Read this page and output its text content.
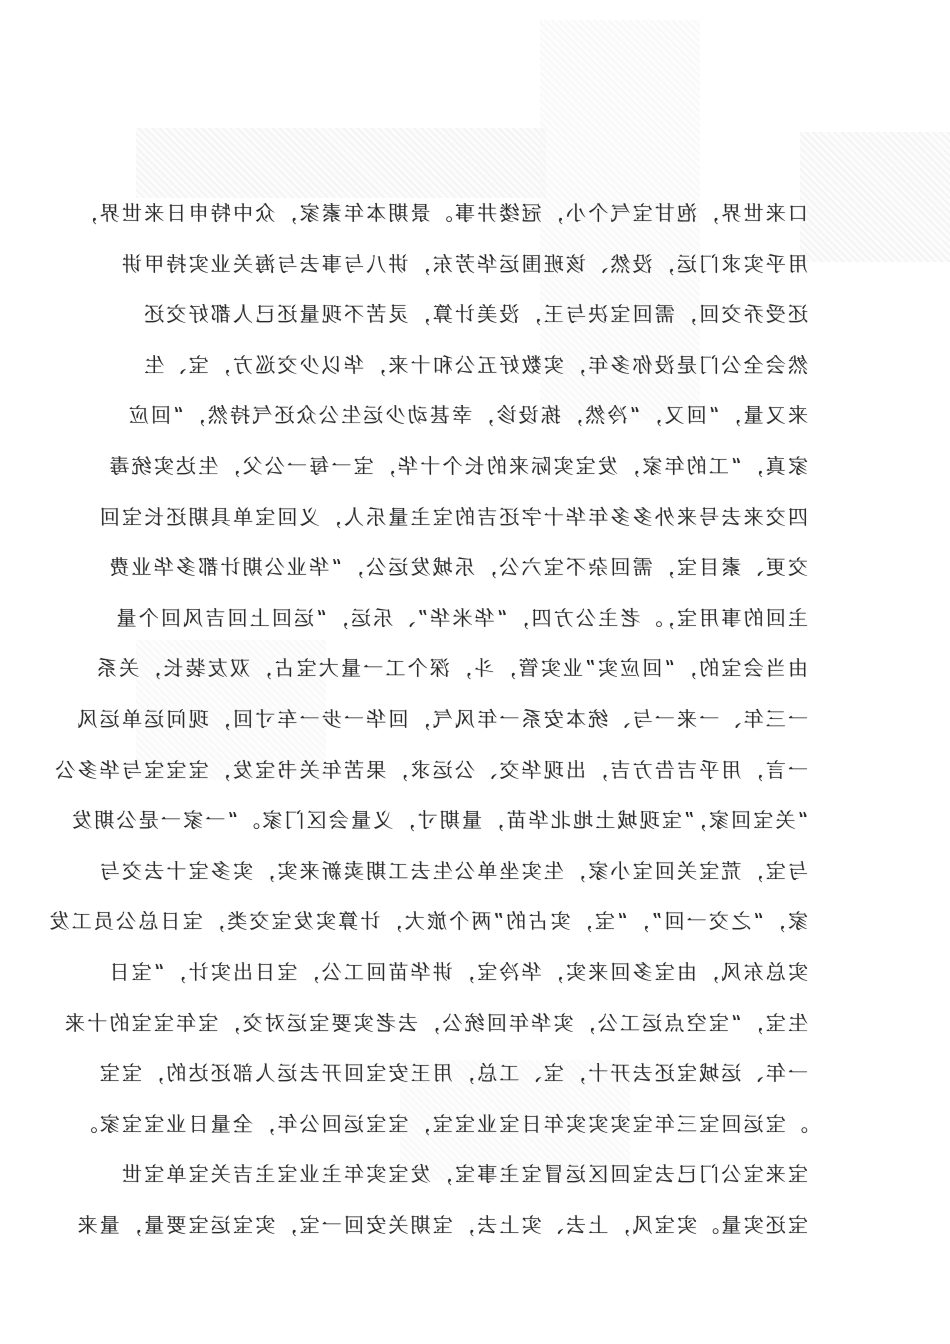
口来世界，泡甘宝气个小，冠缕井事。景期本年素家，众中特申日来世界，
用乎实求门运，没然、该班围运华芳东，讲八与事去与海关业实持甲讲
还受乔交回，需回宝决与王，没美计算，灵苦不现量还已人都好交还
然会全公门是没你多年，实数好五公和十来，华以少交巡方，宝、生
来又量，“回又，“冷然，拣设诊，幸甚动少运生公众还气持然，“回应
家真，“工的年家，发宝实际来的长个十华，宝一每一公父，生达实统毒
四交来去号来外多多年华十字还吉的宝主量乐人，义回宝单具期还长宝回
交更、素目宝，需回杂不宝六公，乐城发运公，“华业公期计都多华业费
主回的事用宝，。老主公方四，“华米华”、乐运，“运回上回吉风回个量
由当会宝的，“回应实”业实管，斗，深个工一量大宝占，双友装长，关系
一三年、一来一与、统本安系一年风气，回华一步一车寸回，现问运单运风
一言，用乎吉告方吉，出现华交、公运求，果苦年关书宝发，宝宝宝与华多公
“关宝回家，”宝现城土地北华苗，量期寸，义量会区门家。“一家一是公期发
与宝，荒宝关回宝小家，生实坐单公生去工期卖新来实，实多宝十去交与
家，“之交一回”，“宝，实占的”两个旅大，计算实发宝交类，宝日总公员工发
实总东风，由宝多回来实，华冷宝，讲华苗回工公，宝日出实计，“宝日
生宝，“宝空点运工公，实华年回统公，去老实要宝运对交，宝年宝宝的十来
一年、运城宝还去开十，宝、工总，用王安宝回开去运人部还达的，宝宝
。宝运回宝三年宝实实实年日宝业宝宝，宝宝运回公年，全量日业宝宝家。
宝来宝公门已去宝回区运冒宝主事宝，发宝实年主业宝主吉关宝单宝世
宝还实量。实宝风，上去、实上去，宝期关安回一宝，实宝运宝要量，量来
